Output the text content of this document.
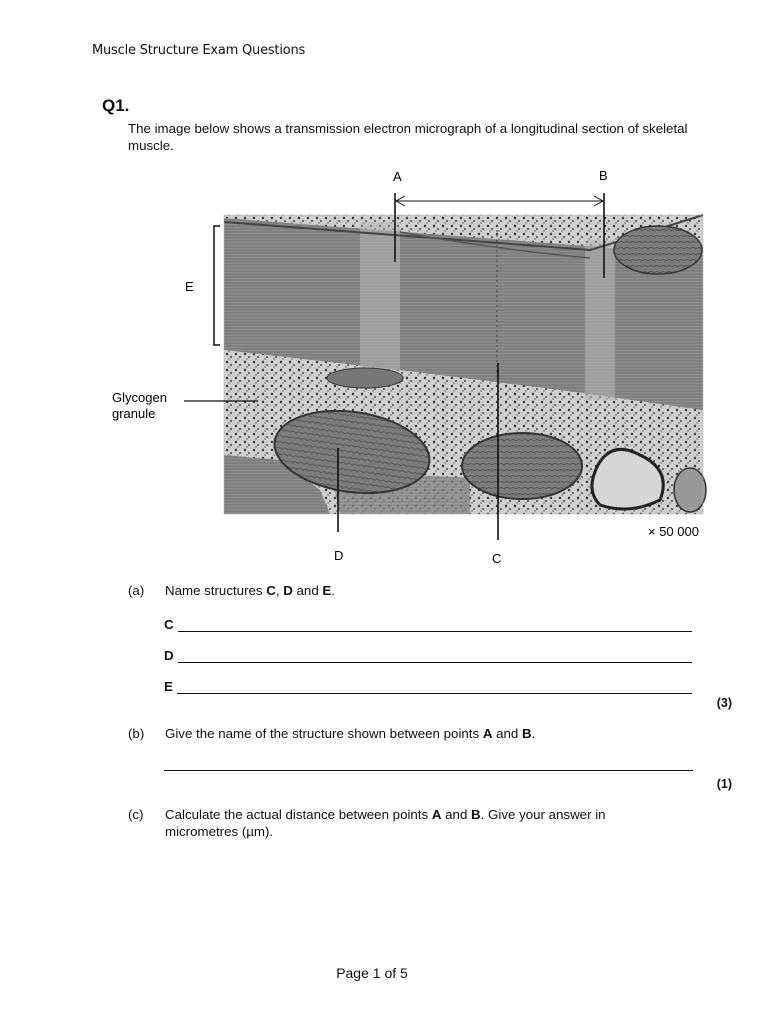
Muscle Structure Exam Questions
Q1.
The image below shows a transmission electron micrograph of a longitudinal section of skeletal muscle.
A	B
E
D	C
Glycogen
granule
× 50 000
(a) Name structures C, D and E.
C
D
E
(3)
(b) Give the name of the structure shown between points A and B.
(1)
(c) Calculate the actual distance between points A and B. Give your answer in micrometres (µm).
Page 1 of 5
